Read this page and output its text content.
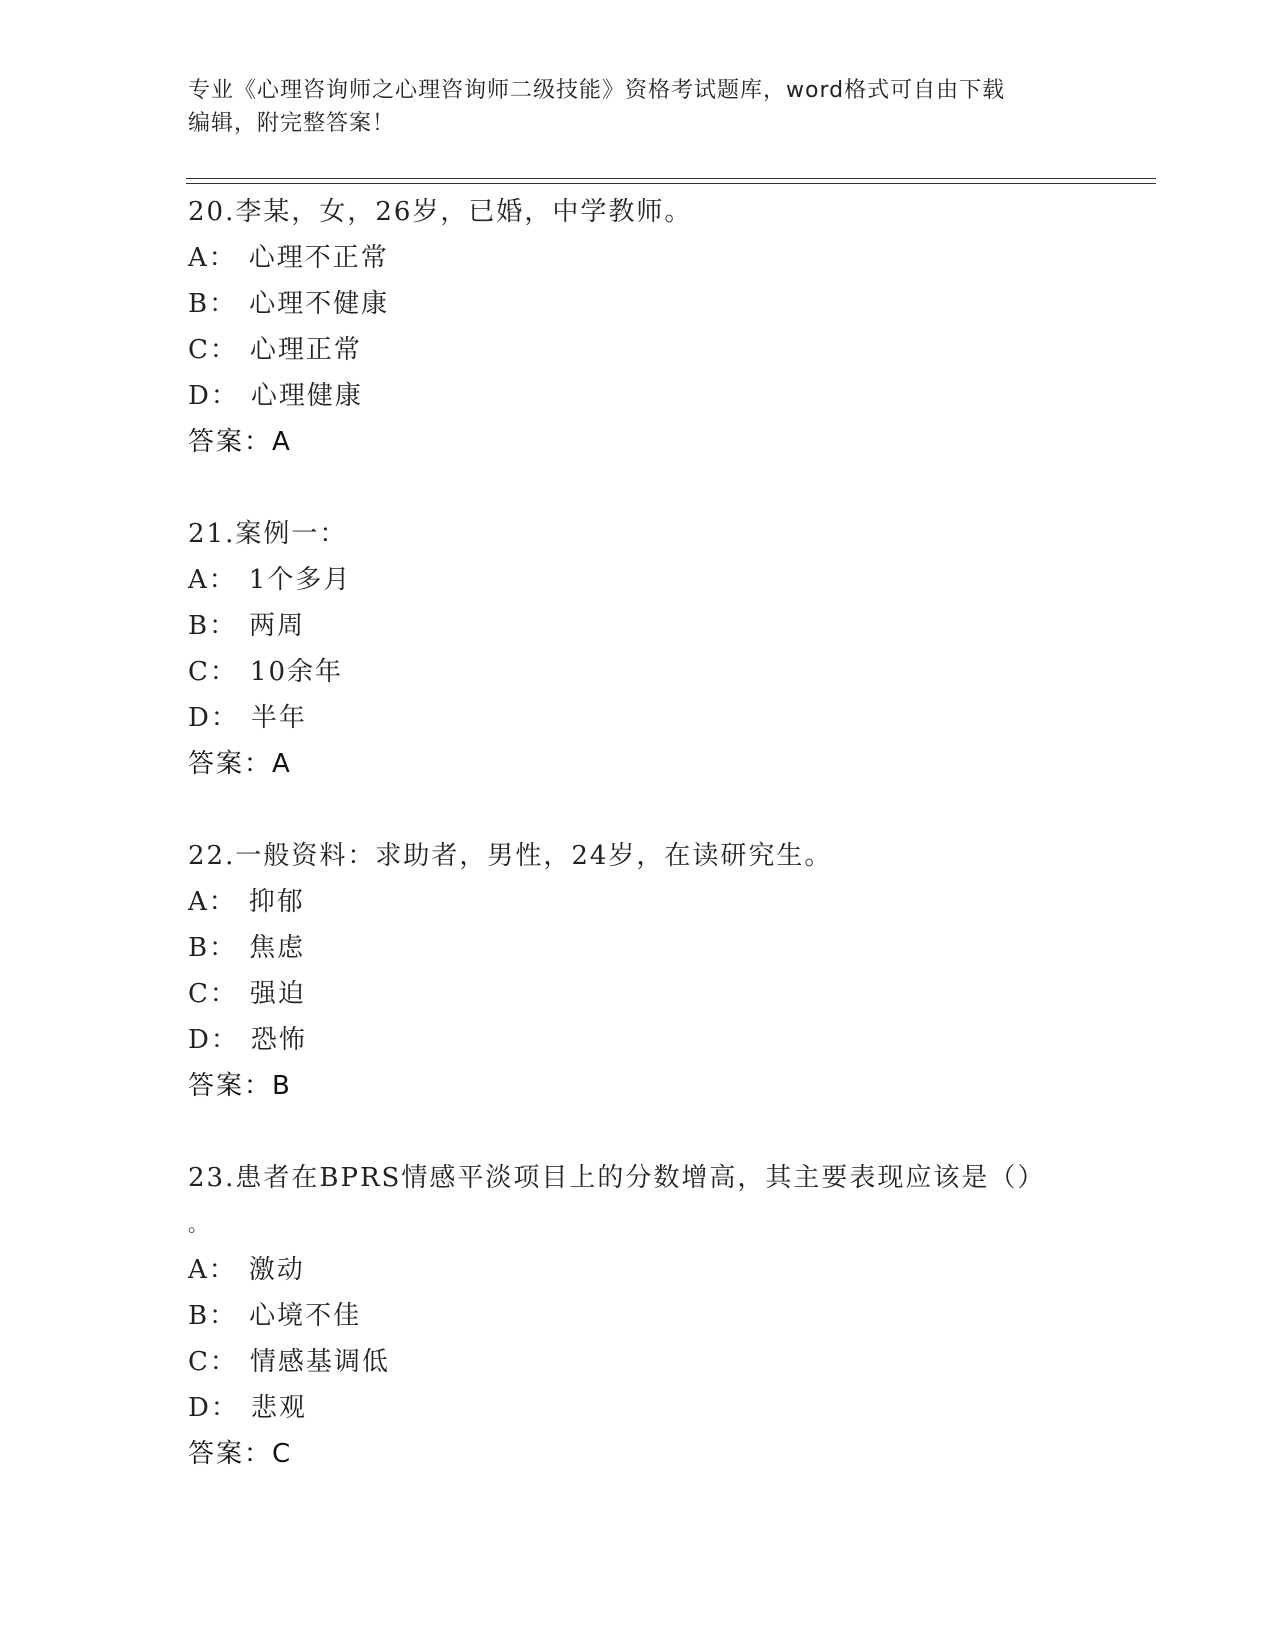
专业《心理咨询师之心理咨询师二级技能》资格考试题库，word格式可自由下载
编辑，附完整答案！
20.李某，女，26岁，已婚，中学教师。
A： 心理不正常
B： 心理不健康
C： 心理正常
D： 心理健康
答案：A
21.案例一：
A： 1个多月
B： 两周
C： 10余年
D： 半年
答案：A
22.一般资料：求助者，男性，24岁，在读研究生。
A： 抑郁
B： 焦虑
C： 强迫
D： 恐怖
答案：B
23.患者在BPRS情感平淡项目上的分数增高，其主要表现应该是（）
。
A： 激动
B： 心境不佳
C： 情感基调低
D： 悲观
答案：C
